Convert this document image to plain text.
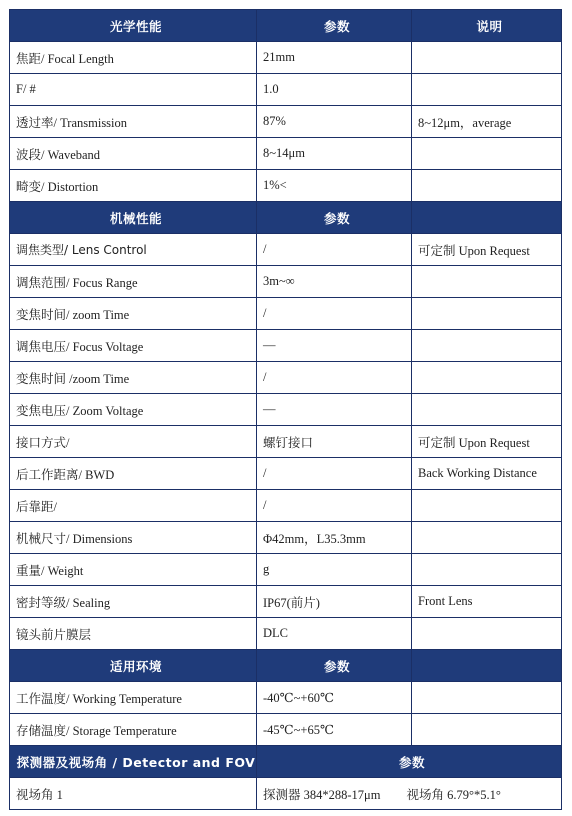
光学性能	参数	说明
焦距/ Focal Length	21mm	
F/ #	1.0	
透过率/ Transmission	87%	8~12μm，average
波段/ Waveband	8~14μm	
畸变/ Distortion	1%<	
机械性能	参数	
调焦类型/ Lens Control	/	可定制 Upon Request
调焦范围/ Focus Range	3m~∞	
变焦时间/ zoom Time	/	
调焦电压/ Focus Voltage	—	
变焦时间 /zoom Time	/	
变焦电压/ Zoom Voltage	—	
接口方式/	螺钉接口	可定制 Upon Request
后工作距离/ BWD	/	Back Working Distance
后靠距/	/	
机械尺寸/ Dimensions	Φ42mm，L35.3mm	
重量/ Weight	g	
密封等级/ Sealing	IP67(前片)	Front Lens
镜头前片膜层	DLC	
适用环境	参数	
工作温度/ Working Temperature	-40℃~+60℃	
存储温度/ Storage Temperature	-45℃~+65℃	
探测器及视场角 / Detector and FOV	参数	
视场角 1	探测器 384*288-17μm 视场角 6.79°*5.1°	
